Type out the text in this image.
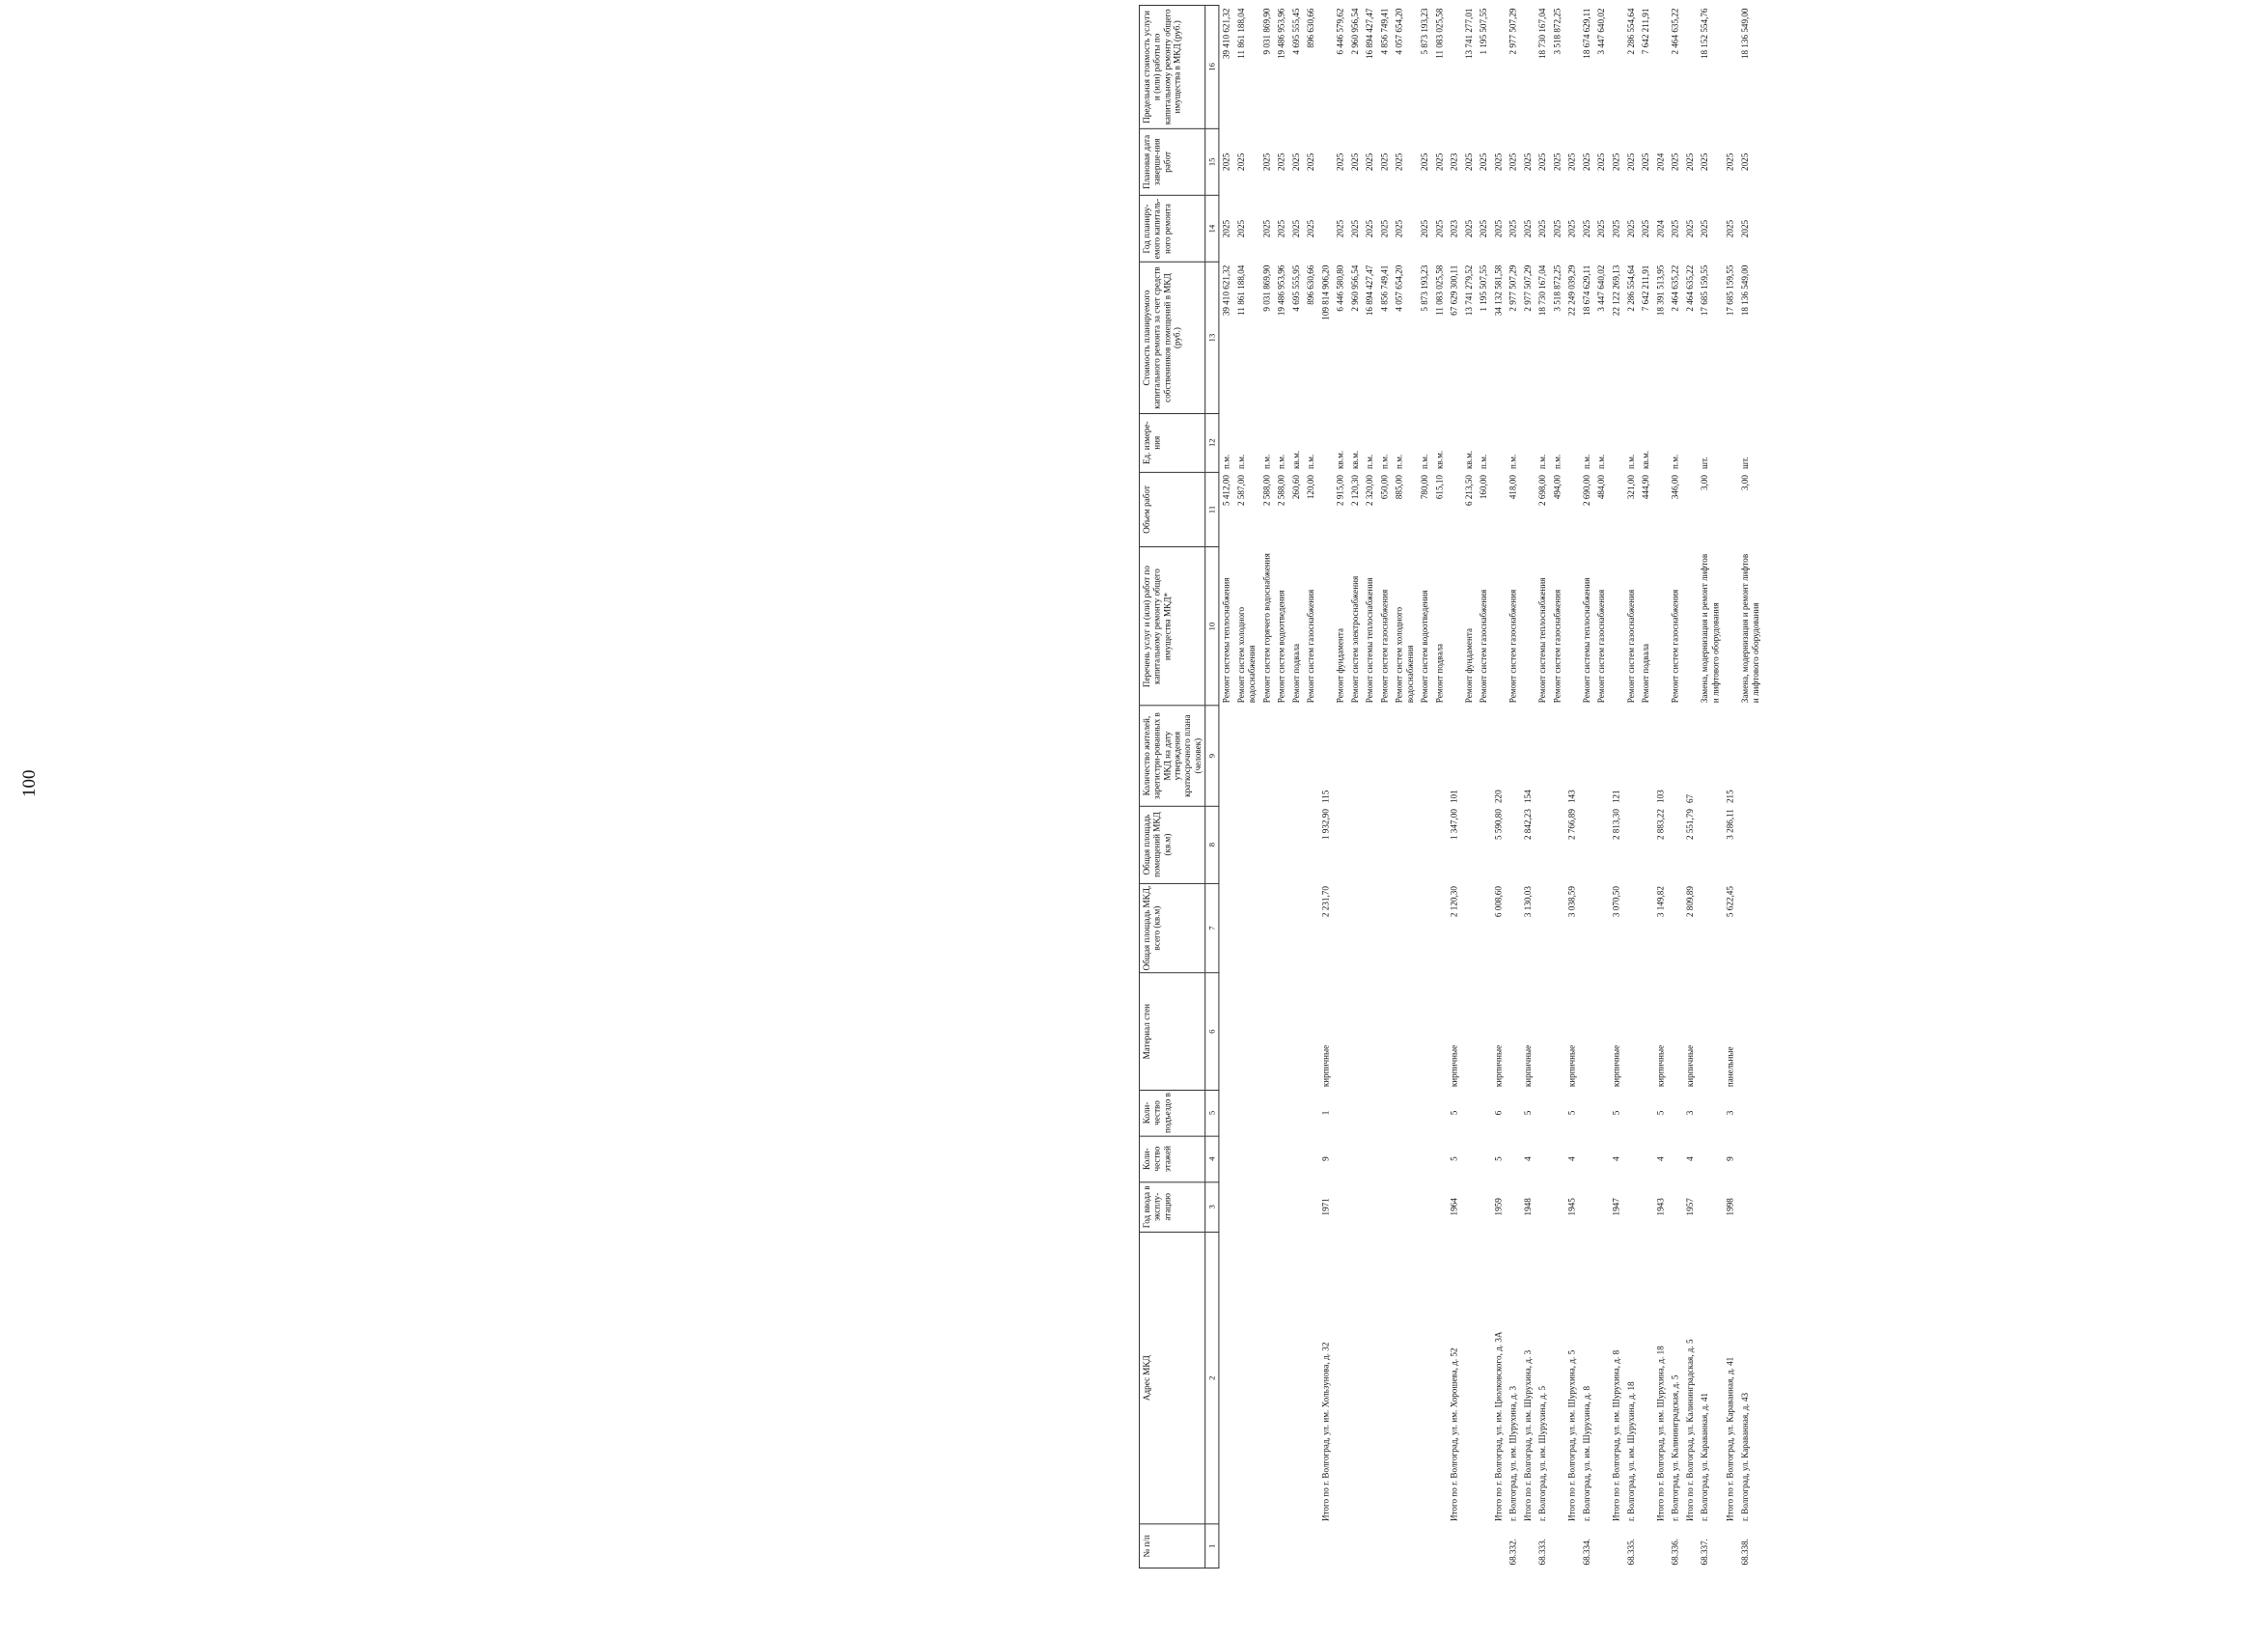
100
№ п/п	Адрес МКД	Год ввода в эксплу-атацию	Коли-чество этажей	Коли-чество подъездо в	Материал стен	Общая площадь МКД, всего (кв.м)	Общая площадь помещений МКД (кв.м)	Количество жителей, зарегистри-рованных в МКД на дату утверждения краткосрочного плана (человек)	Перечень услуг и (или) работ по капитальному ремонту общего имущества МКД*	Объем работ	Ед. измере-ния	Стоимость планируемого капитального ремонта за счет средств собственников помещений в МКД (руб.)	Год планиру-емого капиталь-ного ремонта	Плановая дата заверше-ния работ	Предельная стоимость услуги и (или) работы по капитальному ремонту общего имущества в МКД (руб.)
1	2	3	4	5	6	7	8	9	10	11	12	13	14	15	16
									Ремонт системы теплоснабжения	5 412,00	п.м.	39 410 621,32	2025	2025	39 410 621,32
									Ремонт систем холодного водоснабжения	2 587,00	п.м.	11 861 188,04	2025	2025	11 861 188,04
									Ремонт систем горячего водоснабжения	2 588,00	п.м.	9 031 869,90	2025	2025	9 031 869,90
									Ремонт систем водоотведения	2 588,00	п.м.	19 486 953,96	2025	2025	19 486 953,96
									Ремонт подвала	260,60	кв.м.	4 695 555,95	2025	2025	4 695 555,45
									Ремонт систем газоснабжения	120,00	п.м.	896 630,66	2025	2025	896 630,66
	Итого по г. Волгоград, ул. им. Хользунова, д. 32	1971	9	1	кирпичные	2 231,70	1 932,90	115				109 814 906,20			
									Ремонт фундамента	2 915,00	кв.м.	6 446 580,80	2025	2025	6 446 579,62
									Ремонт систем электроснабжения	2 120,30	кв.м.	2 960 956,54	2025	2025	2 960 956,54
									Ремонт системы теплоснабжения	2 320,00	п.м.	16 894 427,47	2025	2025	16 894 427,47
									Ремонт систем газоснабжения	650,00	п.м.	4 856 749,41	2025	2025	4 856 749,41
									Ремонт систем холодного водоснабжения	885,00	п.м.	4 057 654,20	2025	2025	4 057 654,20
									Ремонт систем водоотведения	780,00	п.м.	5 873 193,23	2025	2025	5 873 193,23
									Ремонт подвала	615,10	кв.м.	11 083 025,58	2025	2025	11 083 025,58
	Итого по г. Волгоград, ул. им. Хорошева, д. 52	1964	5	5	кирпичные	2 120,30	1 347,00	101				67 629 300,11	2023	2023	
									Ремонт фундамента	6 213,50	кв.м.	13 741 279,52	2025	2025	13 741 277,01
									Ремонт систем газоснабжения	160,00	п.м.	1 195 507,55	2025	2025	1 195 507,55
	Итого по г. Волгоград, ул. им. Циолковского, д. 3А	1959	5	6	кирпичные	6 008,60	5 590,80	220				34 132 581,58	2025	2025	
68.332.	г. Волгоград, ул. им. Шурухина, д. 3								Ремонт систем газоснабжения	418,00	п.м.	2 977 507,29	2025	2025	2 977 507,29
	Итого по г. Волгоград, ул. им. Шурухина, д. 3	1948	4	5	кирпичные	3 130,03	2 842,23	154				2 977 507,29	2025	2025	
68.333.	г. Волгоград, ул. им. Шурухина, д. 5								Ремонт системы теплоснабжения	2 698,00	п.м.	18 730 167,04	2025	2025	18 730 167,04
									Ремонт систем газоснабжения	494,00	п.м.	3 518 872,25	2025	2025	3 518 872,25
	Итого по г. Волгоград, ул. им. Шурухина, д. 5	1945	4	5	кирпичные	3 038,59	2 766,89	143				22 249 039,29	2025	2025	
68.334.	г. Волгоград, ул. им. Шурухина, д. 8								Ремонт системы теплоснабжения	2 690,00	п.м.	18 674 629,11	2025	2025	18 674 629,11
									Ремонт систем газоснабжения	484,00	п.м.	3 447 640,02	2025	2025	3 447 640,02
	Итого по г. Волгоград, ул. им. Шурухина, д. 8	1947	4	5	кирпичные	3 070,50	2 813,30	121				22 122 269,13	2025	2025	
68.335.	г. Волгоград, ул. им. Шурухина, д. 18								Ремонт систем газоснабжения	321,00	п.м.	2 286 554,64	2025	2025	2 286 554,64
									Ремонт подвала	444,90	кв.м.	7 642 211,91	2025	2025	7 642 211,91
	Итого по г. Волгоград, ул. им. Шурухина, д. 18	1943	4	5	кирпичные	3 149,82	2 883,22	103				18 391 513,95	2024	2024	
68.336.	г. Волгоград, ул. Калининградская, д. 5								Ремонт систем газоснабжения	346,00	п.м.	2 464 635,22	2025	2025	2 464 635,22
	Итого по г. Волгоград, ул. Калининградская, д. 5	1957	4	3	кирпичные	2 809,89	2 551,79	67				2 464 635,22	2025	2025	
68.337.	г. Волгоград, ул. Караванная, д. 41								Замена, модернизация и ремонт лифтов и лифтового оборудования	3,00	шт.	17 685 159,55	2025	2025	18 152 554,76
	Итого по г. Волгоград, ул. Караванная, д. 41	1998	9	3	панельные	5 622,45	3 286,11	215				17 685 159,55	2025	2025	
68.338.	г. Волгоград, ул. Караванная, д. 43								Замена, модернизация и ремонт лифтов и лифтового оборудования	3,00	шт.	18 136 549,00	2025	2025	18 136 549,00
